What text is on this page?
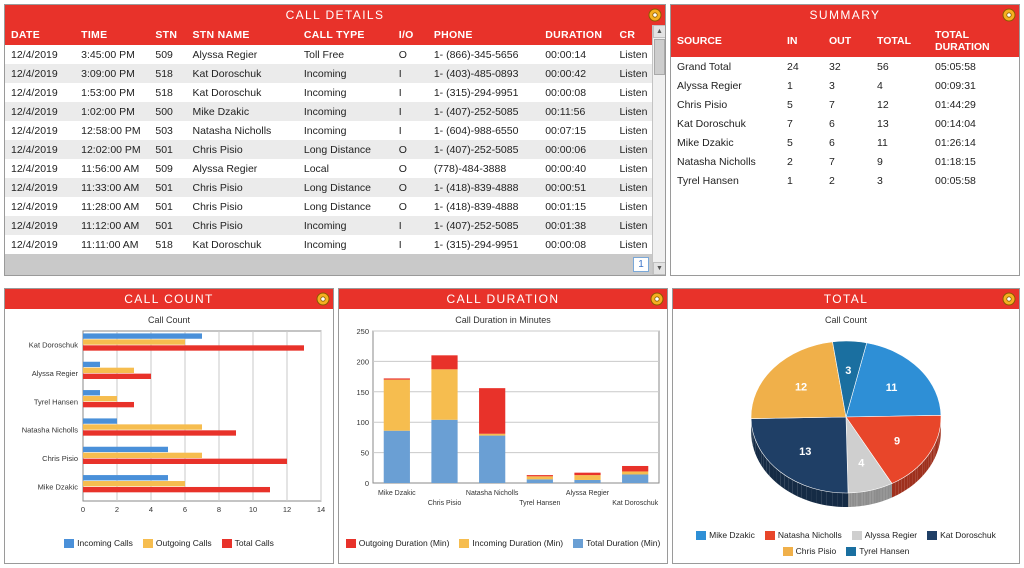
CALL DETAILS
DATE	TIME	STN	STN NAME	CALL TYPE	I/O	PHONE	DURATION	CR
12/4/2019	3:45:00 PM	509	Alyssa Regier	Toll Free	O	1- (866)-345-5656	00:00:14	Listen
12/4/2019	3:09:00 PM	518	Kat Doroschuk	Incoming	I	1- (403)-485-0893	00:00:42	Listen
12/4/2019	1:53:00 PM	518	Kat Doroschuk	Incoming	I	1- (315)-294-9951	00:00:08	Listen
12/4/2019	1:02:00 PM	500	Mike Dzakic	Incoming	I	1- (407)-252-5085	00:11:56	Listen
12/4/2019	12:58:00 PM	503	Natasha Nicholls	Incoming	I	1- (604)-988-6550	00:07:15	Listen
12/4/2019	12:02:00 PM	501	Chris Pisio	Long Distance	O	1- (407)-252-5085	00:00:06	Listen
12/4/2019	11:56:00 AM	509	Alyssa Regier	Local	O	(778)-484-3888	00:00:40	Listen
12/4/2019	11:33:00 AM	501	Chris Pisio	Long Distance	O	1- (418)-839-4888	00:00:51	Listen
12/4/2019	11:28:00 AM	501	Chris Pisio	Long Distance	O	1- (418)-839-4888	00:01:15	Listen
12/4/2019	11:12:00 AM	501	Chris Pisio	Incoming	I	1- (407)-252-5085	00:01:38	Listen
12/4/2019	11:11:00 AM	518	Kat Doroschuk	Incoming	I	1- (315)-294-9951	00:00:08	Listen
▲
▼
1
SUMMARY
SOURCE	IN	OUT	TOTAL	TOTAL DURATION
Grand Total	24	32	56	05:05:58
Alyssa Regier	1	3	4	00:09:31
Chris Pisio	5	7	12	01:44:29
Kat Doroschuk	7	6	13	00:14:04
Mike Dzakic	5	6	11	01:26:14
Natasha Nicholls	2	7	9	01:18:15
Tyrel Hansen	1	2	3	00:05:58
CALL COUNT
Call Count
0	2	4	6	8	10	12	14
Kat Doroschuk
Alyssa Regier
Tyrel Hansen
Natasha Nicholls
Chris Pisio
Mike Dzakic
Incoming Calls	Outgoing Calls	Total Calls
CALL DURATION
Call Duration in Minutes
0
50
100
150
200
250
Mike Dzakic
Chris Pisio
Natasha Nicholls
Tyrel Hansen
Alyssa Regier
Kat Doroschuk
Outgoing Duration (Min)	Incoming Duration (Min)	Total Duration (Min)
TOTAL
Call Count
11
9
4
13
12
3
Mike Dzakic	Natasha Nicholls	Alyssa Regier	Kat Doroschuk
Chris Pisio	Tyrel Hansen
